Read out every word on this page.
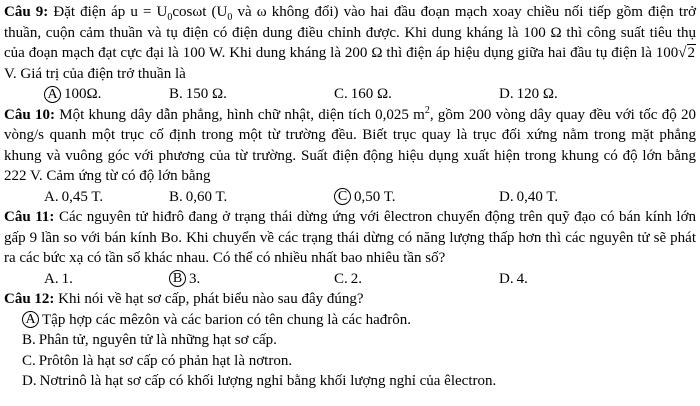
Câu 9: Đặt điện áp $u = U_0\cos\omega t$ ($U_0$ và ω không đổi) vào hai đầu đoạn mạch xoay chiều nối tiếp gồm điện trở thuần, cuộn cảm thuần và tụ điện có điện dung điều chỉnh được. Khi dung kháng là 100 Ω thì công suất tiêu thụ của đoạn mạch đạt cực đại là 100 W. Khi dung kháng là 200 Ω thì điện áp hiệu dụng giữa hai đầu tụ điện là 100√2 V. Giá trị của điện trở thuần là

A 100Ω.	B. 150 Ω.	C. 160 Ω.	D. 120 Ω.

Câu 10: Một khung dây dẫn phẳng, hình chữ nhật, diện tích 0,025 $m^2$, gồm 200 vòng dây quay đều với tốc độ 20 vòng/s quanh một trục cố định trong một từ trường đều. Biết trục quay là trục đối xứng nằm trong mặt phẳng khung và vuông góc với phương của từ trường. Suất điện động hiệu dụng xuất hiện trong khung có độ lớn bằng 222 V. Cảm ứng từ có độ lớn bằng

A. 0,45 T.	B. 0,60 T.	C 0,50 T.	D. 0,40 T.

Câu 11: Các nguyên tử hiđrô đang ở trạng thái dừng ứng với êlectron chuyển động trên quỹ đạo có bán kính lớn gấp 9 lần so với bán kính Bo. Khi chuyển về các trạng thái dừng có năng lượng thấp hơn thì các nguyên tử sẽ phát ra các bức xạ có tần số khác nhau. Có thể có nhiều nhất bao nhiêu tần số?

A. 1.	B 3.	C. 2.	D. 4.

Câu 12: Khi nói về hạt sơ cấp, phát biểu nào sau đây đúng?

A Tập hợp các mêzôn và các barion có tên chung là các hađrôn.
B. Phân tử, nguyên tử là những hạt sơ cấp.
C. Prôtôn là hạt sơ cấp có phản hạt là nơtron.
D. Nơtrinô là hạt sơ cấp có khối lượng nghỉ bằng khối lượng nghỉ của êlectron.
